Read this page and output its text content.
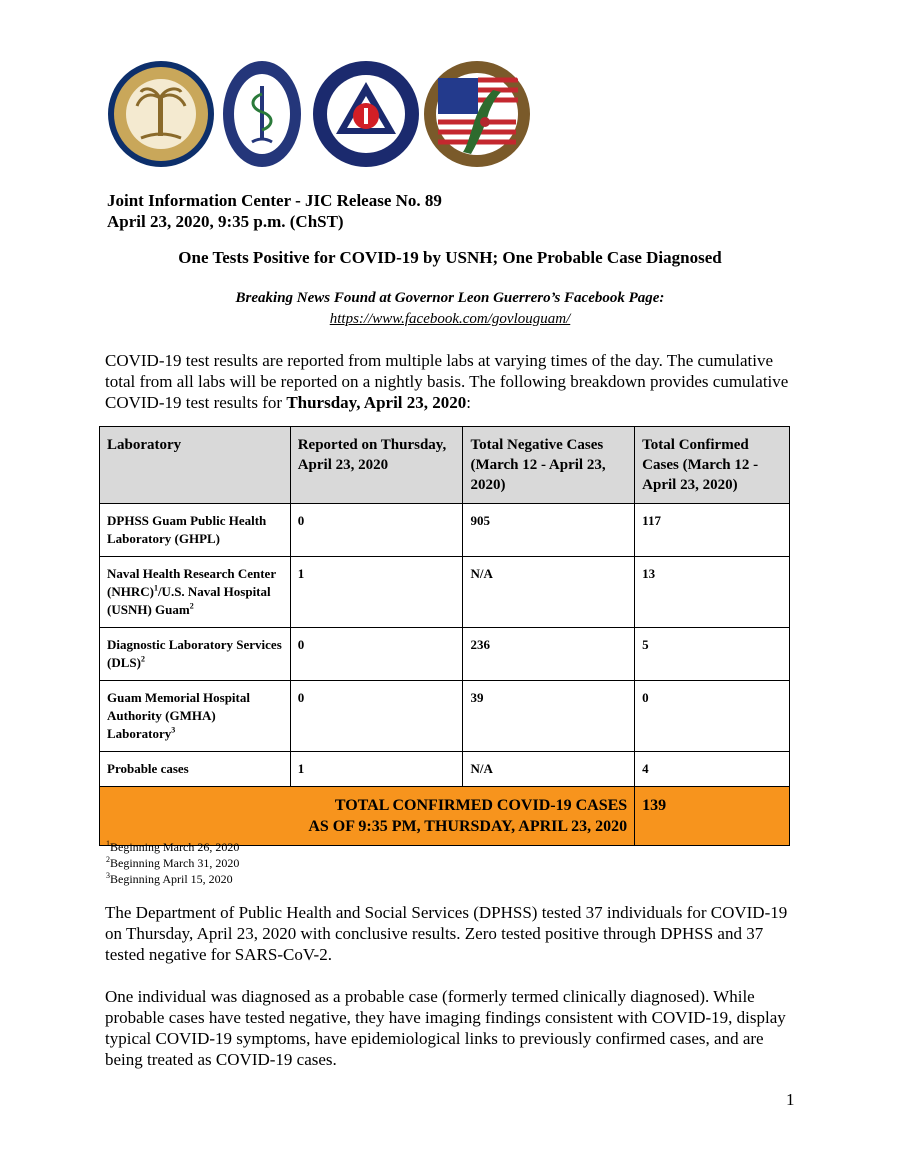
Joint Information Center - JIC Release No. 89
April 23, 2020, 9:35 p.m. (ChST)
One Tests Positive for COVID-19 by USNH; One Probable Case Diagnosed
Breaking News Found at Governor Leon Guerrero’s Facebook Page:
https://www.facebook.com/govlouguam/
COVID-19 test results are reported from multiple labs at varying times of the day. The cumulative total from all labs will be reported on a nightly basis. The following breakdown provides cumulative COVID-19 test results for Thursday, April 23, 2020:
Laboratory	Reported on Thursday, April 23, 2020	Total Negative Cases (March 12 - April 23, 2020)	Total Confirmed Cases (March 12 - April 23, 2020)
DPHSS Guam Public Health Laboratory (GHPL)	0	905	117
Naval Health Research Center (NHRC)$^1$/U.S. Naval Hospital (USNH) Guam$^2$	1	N/A	13
Diagnostic Laboratory Services (DLS)$^2$	0	236	5
Guam Memorial Hospital Authority (GMHA) Laboratory$^3$	0	39	0
Probable cases	1	N/A	4
TOTAL CONFIRMED COVID-19 CASES
AS OF 9:35 PM, THURSDAY, APRIL 23, 2020			139
$^1$Beginning March 26, 2020
$^2$Beginning March 31, 2020
$^3$Beginning April 15, 2020
The Department of Public Health and Social Services (DPHSS) tested 37 individuals for COVID-19 on Thursday, April 23, 2020 with conclusive results. Zero tested positive through DPHSS and 37 tested negative for SARS-CoV-2.
One individual was diagnosed as a probable case (formerly termed clinically diagnosed). While probable cases have tested negative, they have imaging findings consistent with COVID-19, display typical COVID-19 symptoms, have epidemiological links to previously confirmed cases, and are being treated as COVID-19 cases.
1
